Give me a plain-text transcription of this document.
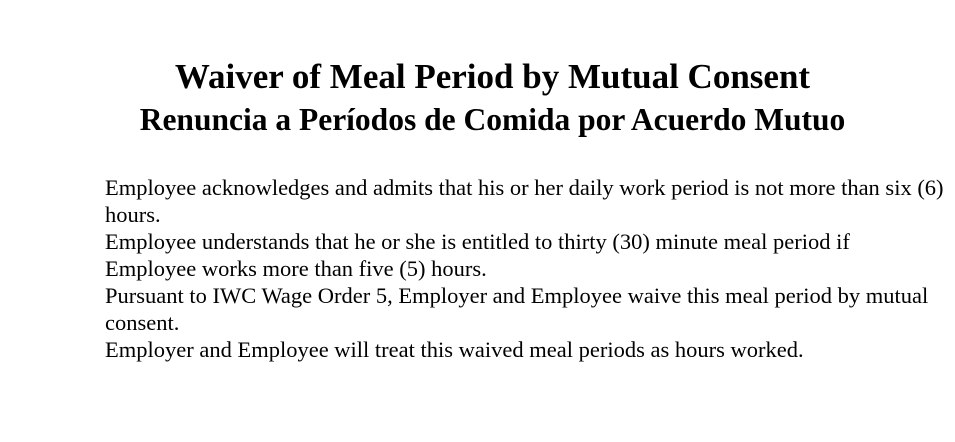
Waiver of Meal Period by Mutual Consent
Renuncia a Períodos de Comida por Acuerdo Mutuo

Employee acknowledges and admits that his or her daily work period is not more than six (6) hours.

Employee understands that he or she is entitled to thirty (30) minute meal period if Employee works more than five (5) hours.

Pursuant to IWC Wage Order 5, Employer and Employee waive this meal period by mutual consent.

Employer and Employee will treat this waived meal periods as hours worked.
